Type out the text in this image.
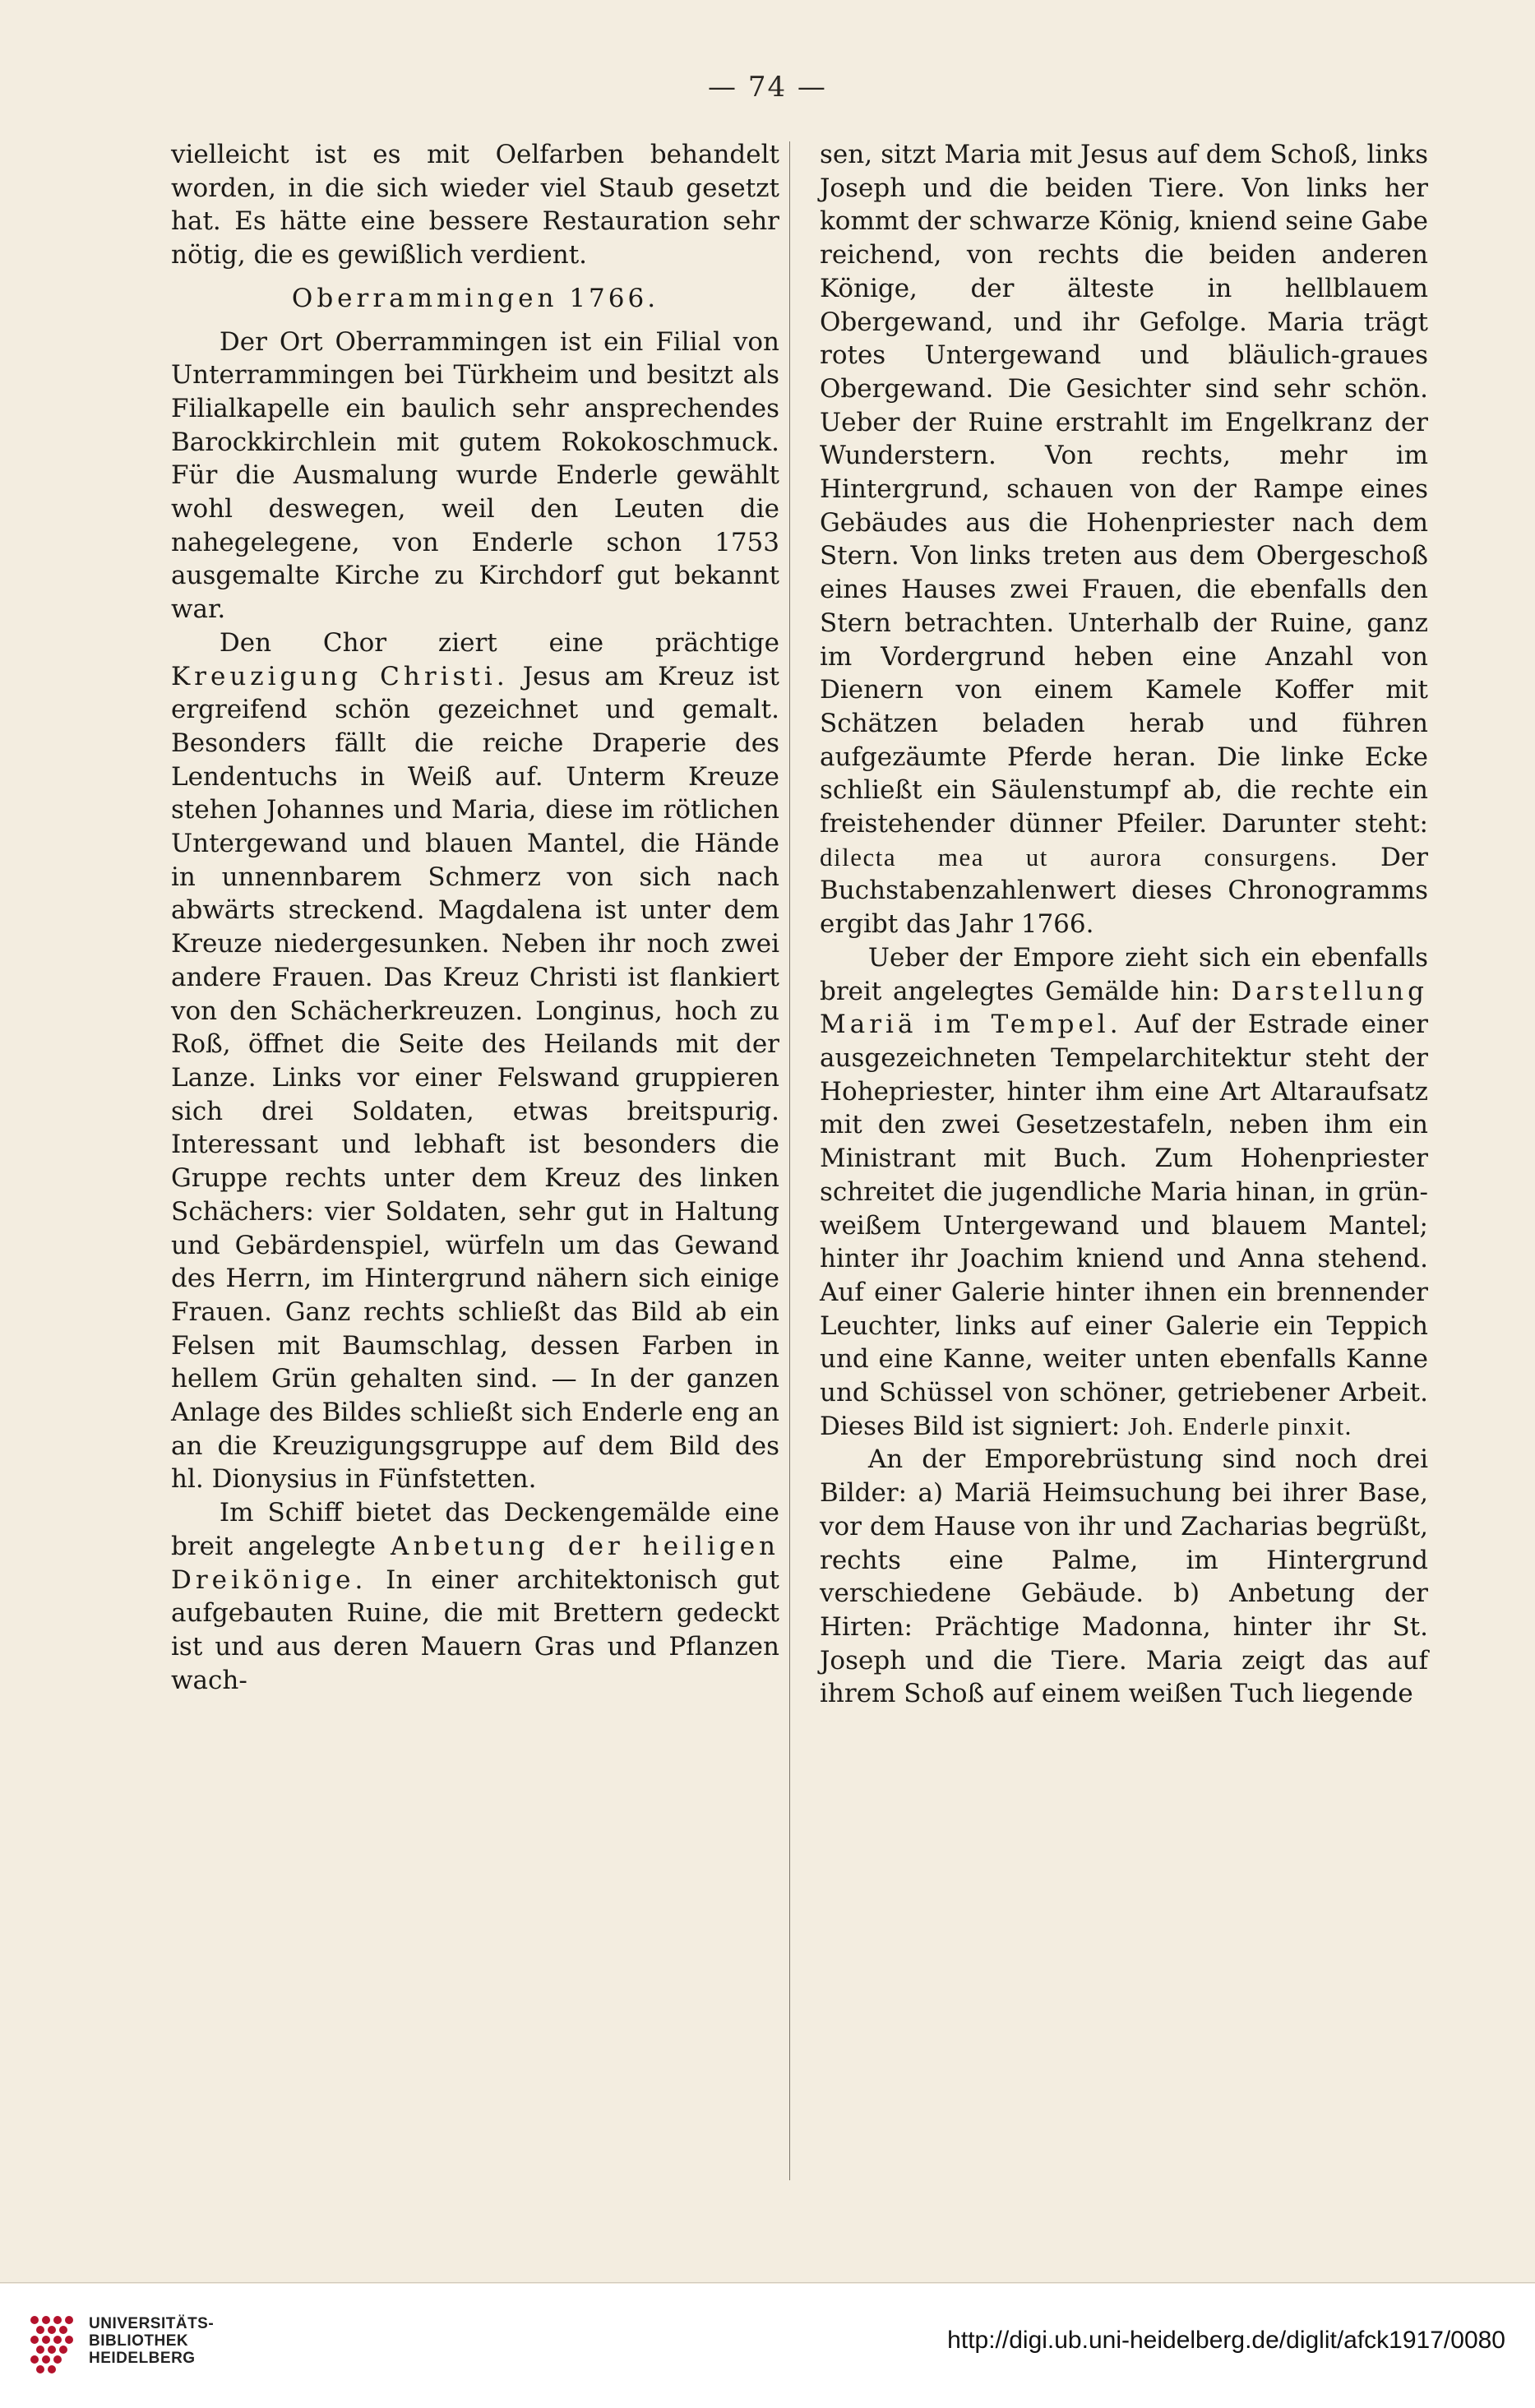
— 74 —

vielleicht ist es mit Oelfarben behandelt worden, in die sich wieder viel Staub gesetzt hat. Es hätte eine bessere Restauration sehr nötig, die es gewißlich verdient.

Oberrammingen 1766.

Der Ort Oberrammingen ist ein Filial von Unterrammingen bei Türkheim und besitzt als Filialkapelle ein baulich sehr ansprechendes Barockkirchlein mit gutem Rokokoschmuck. Für die Ausmalung wurde Enderle gewählt wohl deswegen, weil den Leuten die nahegelegene, von Enderle schon 1753 ausgemalte Kirche zu Kirchdorf gut bekannt war.

Den Chor ziert eine prächtige Kreuzigung Christi. Jesus am Kreuz ist ergreifend schön gezeichnet und gemalt. Besonders fällt die reiche Draperie des Lendentuchs in Weiß auf. Unterm Kreuze stehen Johannes und Maria, diese im rötlichen Untergewand und blauen Mantel, die Hände in unnennbarem Schmerz von sich nach abwärts streckend. Magdalena ist unter dem Kreuze niedergesunken. Neben ihr noch zwei andere Frauen. Das Kreuz Christi ist flankiert von den Schächerkreuzen. Longinus, hoch zu Roß, öffnet die Seite des Heilands mit der Lanze. Links vor einer Felswand gruppieren sich drei Soldaten, etwas breitspurig. Interessant und lebhaft ist besonders die Gruppe rechts unter dem Kreuz des linken Schächers: vier Soldaten, sehr gut in Haltung und Gebärdenspiel, würfeln um das Gewand des Herrn, im Hintergrund nähern sich einige Frauen. Ganz rechts schließt das Bild ab ein Felsen mit Baumschlag, dessen Farben in hellem Grün gehalten sind. — In der ganzen Anlage des Bildes schließt sich Enderle eng an an die Kreuzigungsgruppe auf dem Bild des hl. Dionysius in Fünfstetten.

Im Schiff bietet das Deckengemälde eine breit angelegte Anbetung der heiligen Dreikönige. In einer architektonisch gut aufgebauten Ruine, die mit Brettern gedeckt ist und aus deren Mauern Gras und Pflanzen wach-

sen, sitzt Maria mit Jesus auf dem Schoß, links Joseph und die beiden Tiere. Von links her kommt der schwarze König, kniend seine Gabe reichend, von rechts die beiden anderen Könige, der älteste in hellblauem Obergewand, und ihr Gefolge. Maria trägt rotes Untergewand und bläulich-graues Obergewand. Die Gesichter sind sehr schön. Ueber der Ruine erstrahlt im Engelkranz der Wunderstern. Von rechts, mehr im Hintergrund, schauen von der Rampe eines Gebäudes aus die Hohenpriester nach dem Stern. Von links treten aus dem Obergeschoß eines Hauses zwei Frauen, die ebenfalls den Stern betrachten. Unterhalb der Ruine, ganz im Vordergrund heben eine Anzahl von Dienern von einem Kamele Koffer mit Schätzen beladen herab und führen aufgezäumte Pferde heran. Die linke Ecke schließt ein Säulenstumpf ab, die rechte ein freistehender dünner Pfeiler. Darunter steht: dilecta mea ut aurora consurgens. Der Buchstabenzahlenwert dieses Chronogramms ergibt das Jahr 1766.

Ueber der Empore zieht sich ein ebenfalls breit angelegtes Gemälde hin: Darstellung Mariä im Tempel. Auf der Estrade einer ausgezeichneten Tempelarchitektur steht der Hohepriester, hinter ihm eine Art Altaraufsatz mit den zwei Gesetzestafeln, neben ihm ein Ministrant mit Buch. Zum Hohenpriester schreitet die jugendliche Maria hinan, in grün-weißem Untergewand und blauem Mantel; hinter ihr Joachim kniend und Anna stehend. Auf einer Galerie hinter ihnen ein brennender Leuchter, links auf einer Galerie ein Teppich und eine Kanne, weiter unten ebenfalls Kanne und Schüssel von schöner, getriebener Arbeit. Dieses Bild ist signiert: Joh. Enderle pinxit.

An der Emporebrüstung sind noch drei Bilder: a) Mariä Heimsuchung bei ihrer Base, vor dem Hause von ihr und Zacharias begrüßt, rechts eine Palme, im Hintergrund verschiedene Gebäude. b) Anbetung der Hirten: Prächtige Madonna, hinter ihr St. Joseph und die Tiere. Maria zeigt das auf ihrem Schoß auf einem weißen Tuch liegende

UNIVERSITÄTS-
BIBLIOTHEK
HEIDELBERG
http://digi.ub.uni-heidelberg.de/diglit/afck1917/0080
